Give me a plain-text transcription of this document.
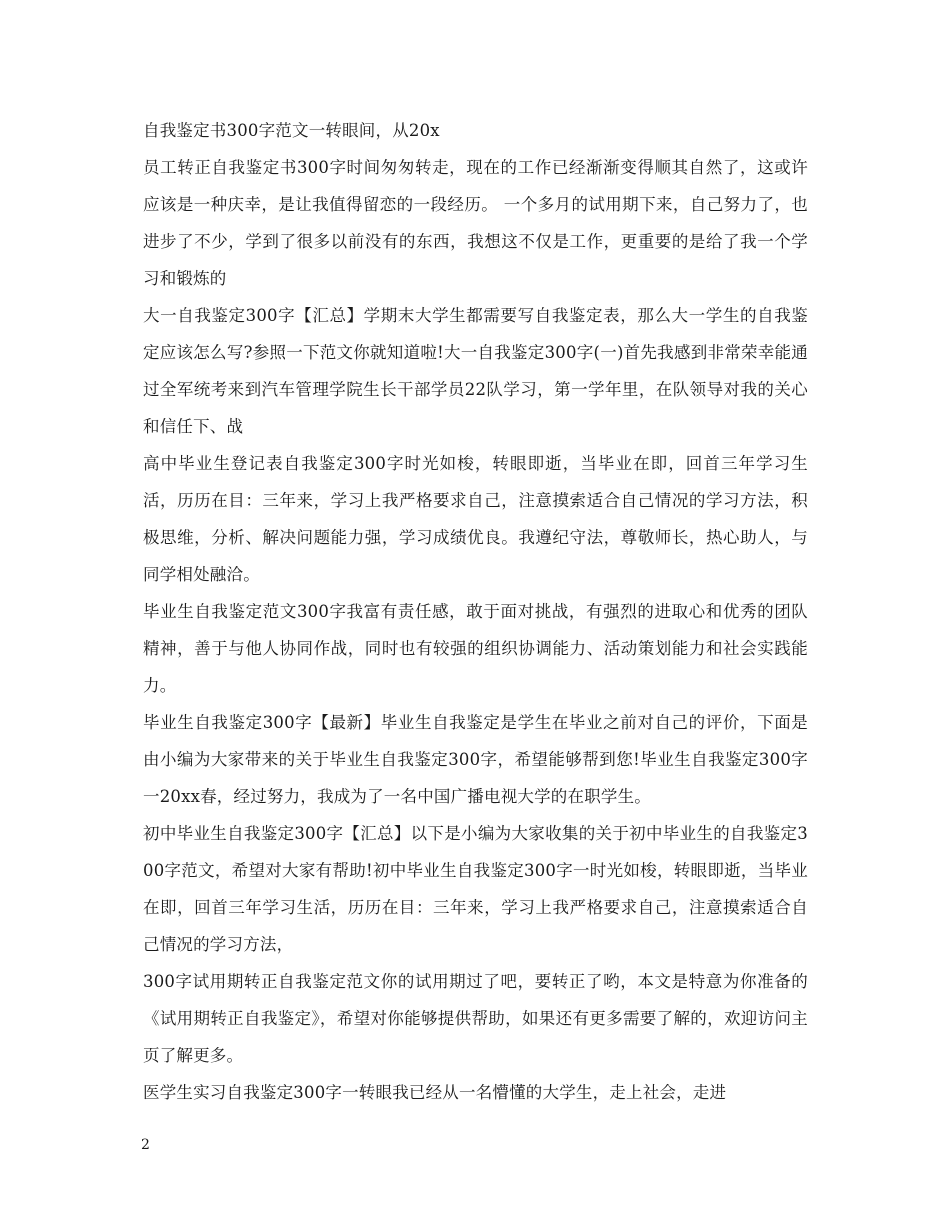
自我鉴定书300字范文一转眼间，从20x

员工转正自我鉴定书300字时间匆匆转走，现在的工作已经渐渐变得顺其自然了，这或许应该是一种庆幸，是让我值得留恋的一段经历。 一个多月的试用期下来，自己努力了，也进步了不少，学到了很多以前没有的东西，我想这不仅是工作，更重要的是给了我一个学习和锻炼的

大一自我鉴定300字【汇总】学期末大学生都需要写自我鉴定表，那么大一学生的自我鉴定应该怎么写?参照一下范文你就知道啦!大一自我鉴定300字(一)首先我感到非常荣幸能通过全军统考来到汽车管理学院生长干部学员22队学习，第一学年里，在队领导对我的关心和信任下、战

高中毕业生登记表自我鉴定300字时光如梭，转眼即逝，当毕业在即，回首三年学习生活，历历在目：三年来，学习上我严格要求自己，注意摸索适合自己情况的学习方法，积极思维，分析、解决问题能力强，学习成绩优良。我遵纪守法，尊敬师长，热心助人，与同学相处融洽。

毕业生自我鉴定范文300字我富有责任感，敢于面对挑战，有强烈的进取心和优秀的团队精神，善于与他人协同作战，同时也有较强的组织协调能力、活动策划能力和社会实践能力。

毕业生自我鉴定300字【最新】毕业生自我鉴定是学生在毕业之前对自己的评价，下面是由小编为大家带来的关于毕业生自我鉴定300字，希望能够帮到您!毕业生自我鉴定300字一20xx春，经过努力，我成为了一名中国广播电视大学的在职学生。

初中毕业生自我鉴定300字【汇总】以下是小编为大家收集的关于初中毕业生的自我鉴定300字范文，希望对大家有帮助!初中毕业生自我鉴定300字一时光如梭，转眼即逝，当毕业在即，回首三年学习生活，历历在目：三年来，学习上我严格要求自己，注意摸索适合自己情况的学习方法，

300字试用期转正自我鉴定范文你的试用期过了吧，要转正了哟，本文是特意为你准备的《试用期转正自我鉴定》，希望对你能够提供帮助，如果还有更多需要了解的，欢迎访问主页了解更多。

医学生实习自我鉴定300字一转眼我已经从一名懵懂的大学生，走上社会，走进

2
